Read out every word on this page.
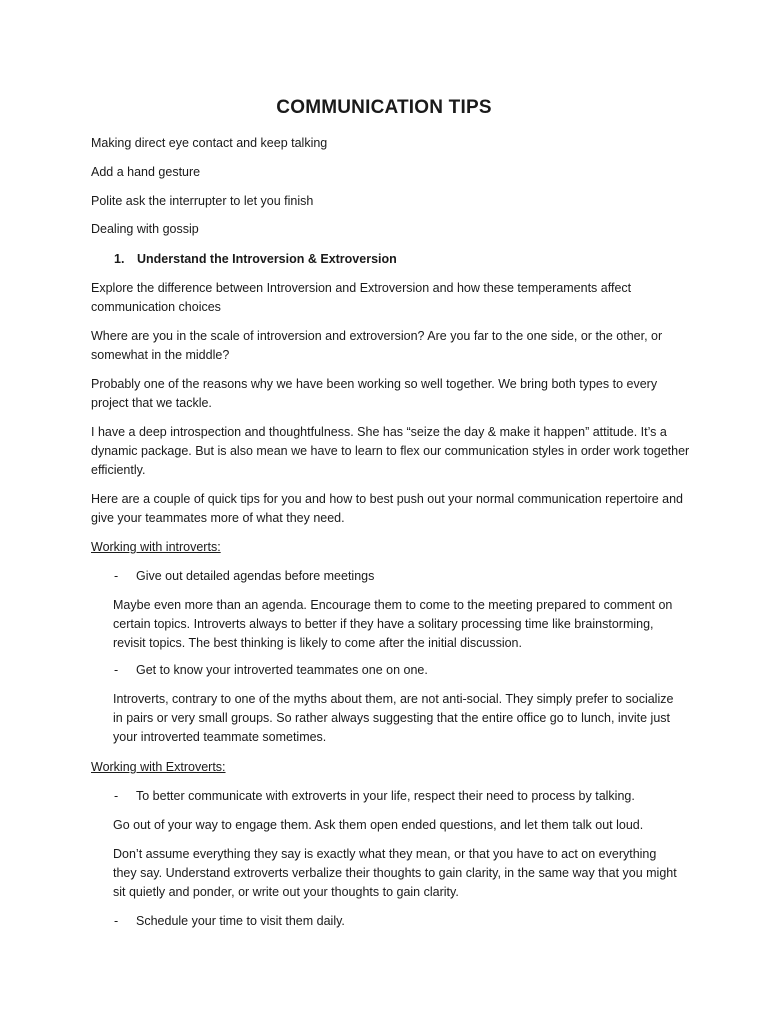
COMMUNICATION TIPS

Making direct eye contact and keep talking

Add a hand gesture

Polite ask the interrupter to let you finish

Dealing with gossip

1. Understand the Introversion & Extroversion

Explore the difference between Introversion and Extroversion and how these temperaments affect communication choices

Where are you in the scale of introversion and extroversion? Are you far to the one side, or the other, or somewhat in the middle?

Probably one of the reasons why we have been working so well together. We bring both types to every project that we tackle.

I have a deep introspection and thoughtfulness. She has “seize the day & make it happen” attitude. It’s a dynamic package. But is also mean we have to learn to flex our communication styles in order work together efficiently.

Here are a couple of quick tips for you and how to best push out your normal communication repertoire and give your teammates more of what they need.

Working with introverts:

- Give out detailed agendas before meetings

Maybe even more than an agenda. Encourage them to come to the meeting prepared to comment on certain topics. Introverts always to better if they have a solitary processing time like brainstorming, revisit topics. The best thinking is likely to come after the initial discussion.

- Get to know your introverted teammates one on one.

Introverts, contrary to one of the myths about them, are not anti-social. They simply prefer to socialize in pairs or very small groups. So rather always suggesting that the entire office go to lunch, invite just your introverted teammate sometimes.

Working with Extroverts:

- To better communicate with extroverts in your life, respect their need to process by talking.

Go out of your way to engage them. Ask them open ended questions, and let them talk out loud.

Don’t assume everything they say is exactly what they mean, or that you have to act on everything they say. Understand extroverts verbalize their thoughts to gain clarity, in the same way that you might sit quietly and ponder, or write out your thoughts to gain clarity.

- Schedule your time to visit them daily.
